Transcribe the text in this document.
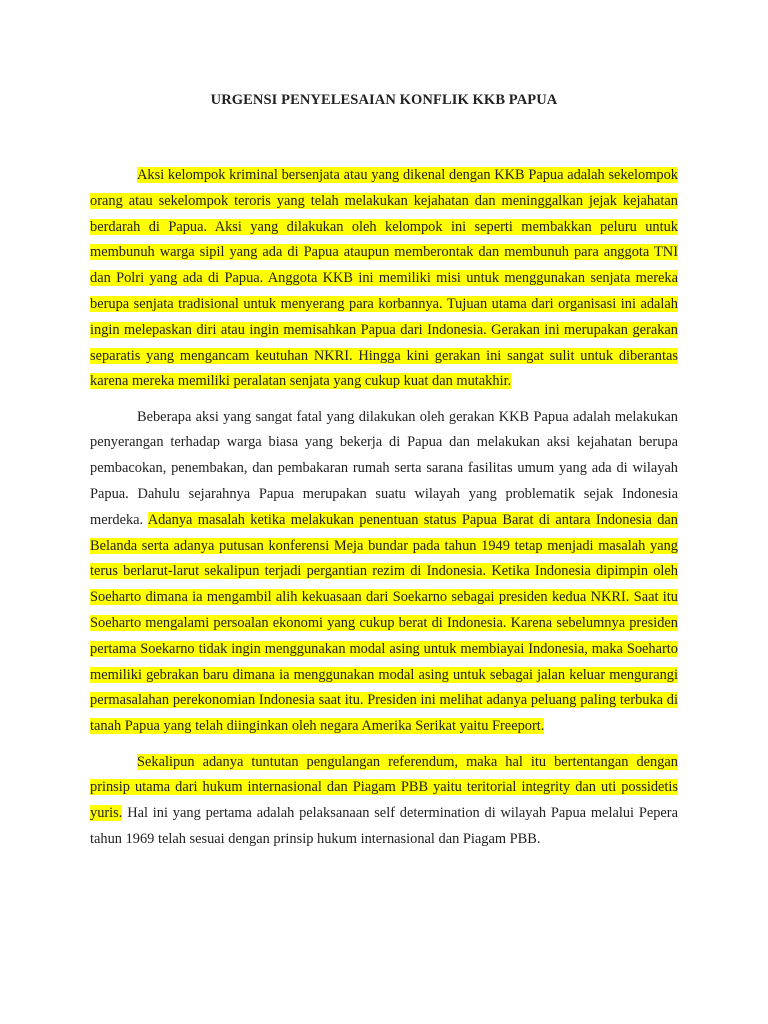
URGENSI PENYELESAIAN KONFLIK KKB PAPUA

Aksi kelompok kriminal bersenjata atau yang dikenal dengan KKB Papua adalah sekelompok orang atau sekelompok teroris yang telah melakukan kejahatan dan meninggalkan jejak kejahatan berdarah di Papua. Aksi yang dilakukan oleh kelompok ini seperti membakkan peluru untuk membunuh warga sipil yang ada di Papua ataupun memberontak dan membunuh para anggota TNI dan Polri yang ada di Papua. Anggota KKB ini memiliki misi untuk menggunakan senjata mereka berupa senjata tradisional untuk menyerang para korbannya. Tujuan utama dari organisasi ini adalah ingin melepaskan diri atau ingin memisahkan Papua dari Indonesia. Gerakan ini merupakan gerakan separatis yang mengancam keutuhan NKRI. Hingga kini gerakan ini sangat sulit untuk diberantas karena mereka memiliki peralatan senjata yang cukup kuat dan mutakhir.

Beberapa aksi yang sangat fatal yang dilakukan oleh gerakan KKB Papua adalah melakukan penyerangan terhadap warga biasa yang bekerja di Papua dan melakukan aksi kejahatan berupa pembacokan, penembakan, dan pembakaran rumah serta sarana fasilitas umum yang ada di wilayah Papua. Dahulu sejarahnya Papua merupakan suatu wilayah yang problematik sejak Indonesia merdeka. Adanya masalah ketika melakukan penentuan status Papua Barat di antara Indonesia dan Belanda serta adanya putusan konferensi Meja bundar pada tahun 1949 tetap menjadi masalah yang terus berlarut-larut sekalipun terjadi pergantian rezim di Indonesia. Ketika Indonesia dipimpin oleh Soeharto dimana ia mengambil alih kekuasaan dari Soekarno sebagai presiden kedua NKRI. Saat itu Soeharto mengalami persoalan ekonomi yang cukup berat di Indonesia. Karena sebelumnya presiden pertama Soekarno tidak ingin menggunakan modal asing untuk membiayai Indonesia, maka Soeharto memiliki gebrakan baru dimana ia menggunakan modal asing untuk sebagai jalan keluar mengurangi permasalahan perekonomian Indonesia saat itu. Presiden ini melihat adanya peluang paling terbuka di tanah Papua yang telah diinginkan oleh negara Amerika Serikat yaitu Freeport.

Sekalipun adanya tuntutan pengulangan referendum, maka hal itu bertentangan dengan prinsip utama dari hukum internasional dan Piagam PBB yaitu teritorial integrity dan uti possidetis yuris. Hal ini yang pertama adalah pelaksanaan self determination di wilayah Papua melalui Pepera tahun 1969 telah sesuai dengan prinsip hukum internasional dan Piagam PBB.
